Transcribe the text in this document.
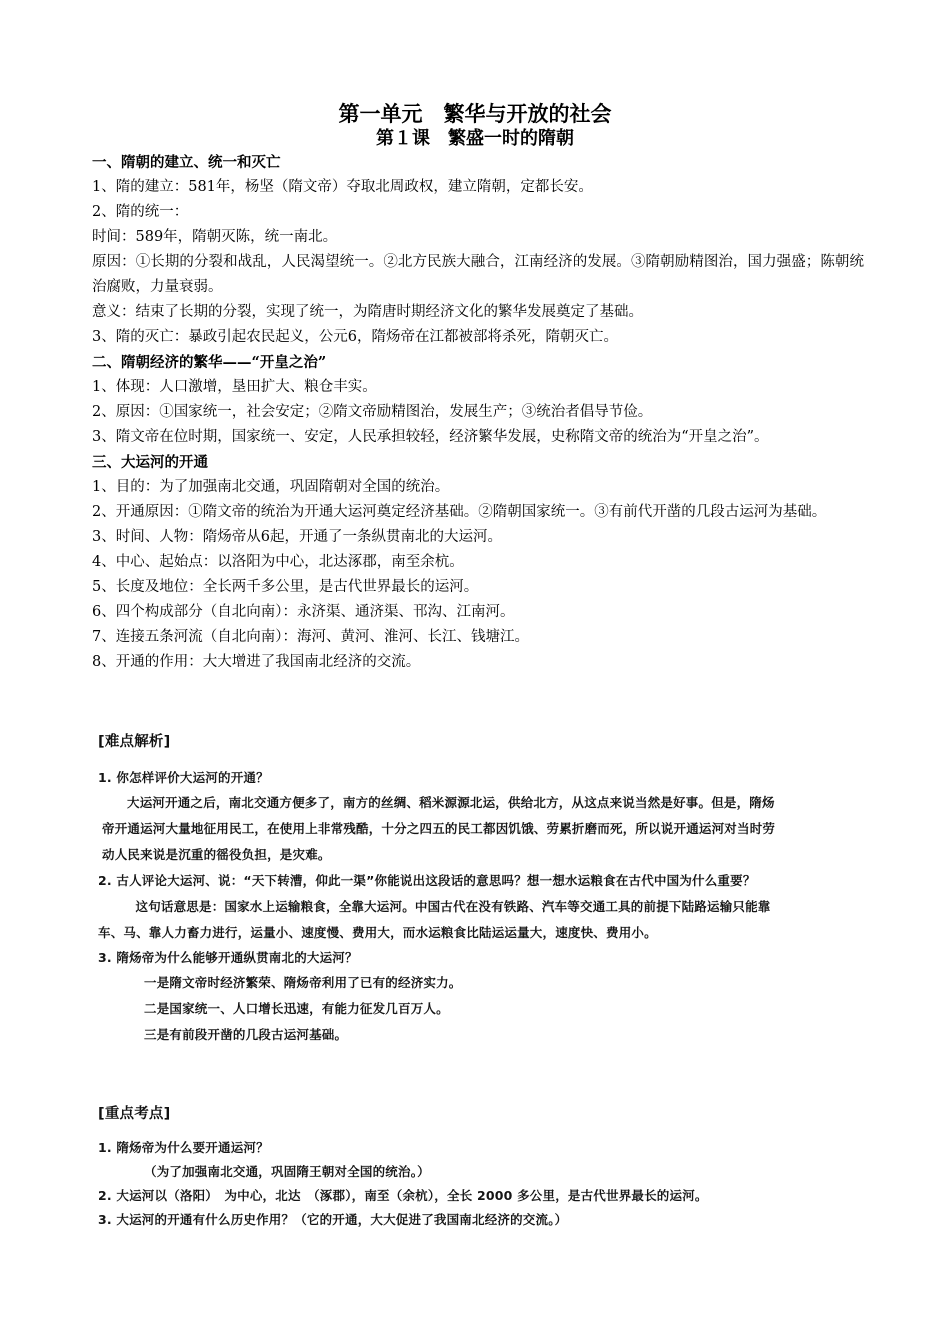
第一单元　繁华与开放的社会
第１课　繁盛一时的隋朝

一、隋朝的建立、统一和灭亡

1、隋的建立：581年，杨坚（隋文帝）夺取北周政权，建立隋朝，定都长安。

2、隋的统一：

时间：589年，隋朝灭陈，统一南北。

原因：①长期的分裂和战乱，人民渴望统一。②北方民族大融合，江南经济的发展。③隋朝励精图治，国力强盛；陈朝统治腐败，力量衰弱。

意义：结束了长期的分裂，实现了统一，为隋唐时期经济文化的繁华发展奠定了基础。

3、隋的灭亡：暴政引起农民起义，公元6，隋炀帝在江都被部将杀死，隋朝灭亡。

二、隋朝经济的繁华——“开皇之治”

1、体现：人口激增，垦田扩大、粮仓丰实。

2、原因：①国家统一，社会安定；②隋文帝励精图治，发展生产；③统治者倡导节俭。

3、隋文帝在位时期，国家统一、安定，人民承担较轻，经济繁华发展，史称隋文帝的统治为“开皇之治”。

三、大运河的开通

1、目的：为了加强南北交通，巩固隋朝对全国的统治。

2、开通原因：①隋文帝的统治为开通大运河奠定经济基础。②隋朝国家统一。③有前代开凿的几段古运河为基础。

3、时间、人物：隋炀帝从6起，开通了一条纵贯南北的大运河。

4、中心、起始点：以洛阳为中心，北达涿郡，南至余杭。

5、长度及地位：全长两千多公里，是古代世界最长的运河。

6、四个构成部分（自北向南）：永济渠、通济渠、邗沟、江南河。

7、连接五条河流（自北向南）：海河、黄河、淮河、长江、钱塘江。

8、开通的作用：大大增进了我国南北经济的交流。

[难点解析]

1. 你怎样评价大运河的开通？

大运河开通之后，南北交通方便多了，南方的丝绸、稻米源源北运，供给北方，从这点来说当然是好事。但是，隋炀帝开通运河大量地征用民工，在使用上非常残酷，十分之四五的民工都因饥饿、劳累折磨而死，所以说开通运河对当时劳动人民来说是沉重的徭役负担，是灾难。

2. 古人评论大运河、说：“天下转漕，仰此一渠”你能说出这段话的意思吗？想一想水运粮食在古代中国为什么重要？

这句话意思是：国家水上运输粮食，全靠大运河。中国古代在没有铁路、汽车等交通工具的前提下陆路运输只能靠车、马、靠人力畜力进行，运量小、速度慢、费用大，而水运粮食比陆运运量大，速度快、费用小。

3. 隋炀帝为什么能够开通纵贯南北的大运河？

一是隋文帝时经济繁荣、隋炀帝利用了已有的经济实力。

二是国家统一、人口增长迅速，有能力征发几百万人。

三是有前段开凿的几段古运河基础。

[重点考点]

1. 隋炀帝为什么要开通运河？

（为了加强南北交通，巩固隋王朝对全国的统治。）

2. 大运河以（洛阳）　为中心，北达　（涿郡），南至（余杭），全长 2000 多公里，是古代世界最长的运河。

3. 大运河的开通有什么历史作用？（它的开通，大大促进了我国南北经济的交流。）
